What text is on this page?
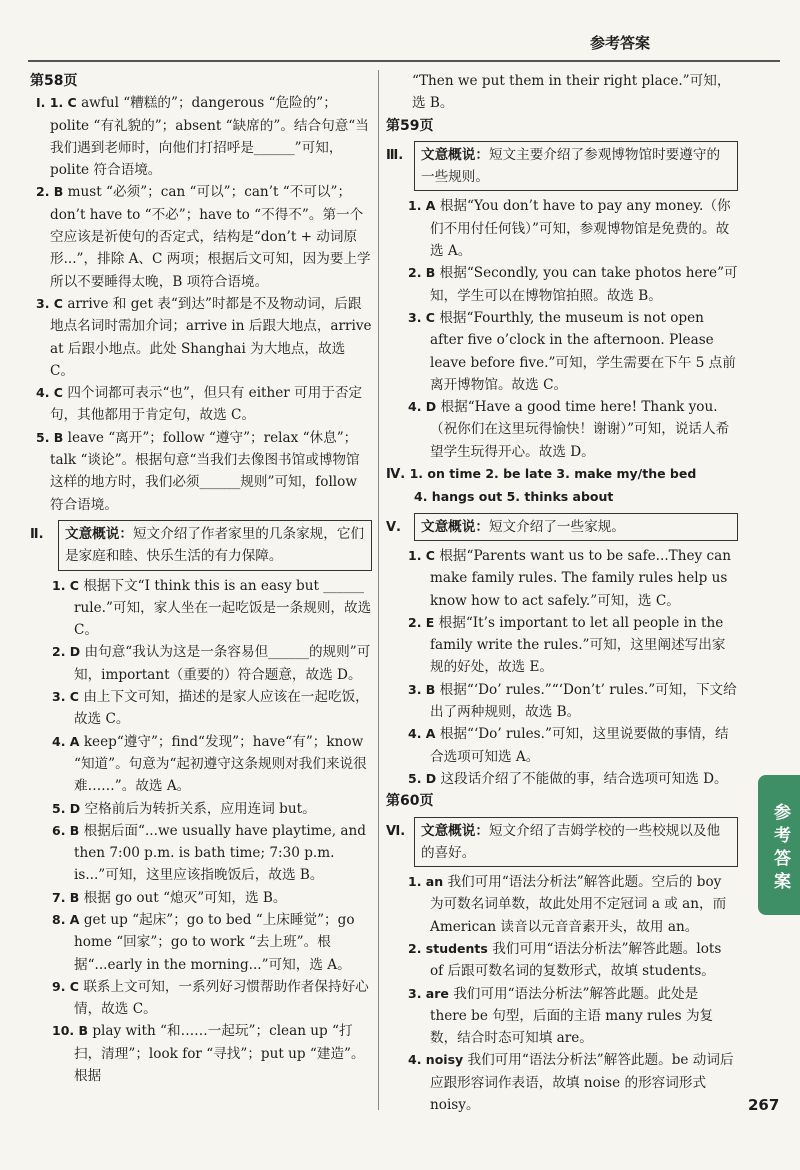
参考答案
第58页

Ⅰ. 1. C awful “糟糕的”；dangerous “危险的”；polite “有礼貌的”；absent “缺席的”。结合句意“当我们遇到老师时，向他们打招呼是______”可知，polite 符合语境。

2. B must “必须”；can “可以”；can’t “不可以”；don’t have to “不必”；have to “不得不”。第一个空应该是祈使句的否定式，结构是“don’t + 动词原形...”，排除 A、C 两项；根据后文可知，因为要上学所以不要睡得太晚，B 项符合语境。

3. C arrive 和 get 表“到达”时都是不及物动词，后跟地点名词时需加介词；arrive in 后跟大地点，arrive at 后跟小地点。此处 Shanghai 为大地点，故选 C。

4. C 四个词都可表示“也”，但只有 either 可用于否定句，其他都用于肯定句，故选 C。

5. B leave “离开”；follow “遵守”；relax “休息”；talk “谈论”。根据句意“当我们去像图书馆或博物馆这样的地方时，我们必须______规则”可知，follow 符合语境。

Ⅱ.	文意概说：短文介绍了作者家里的几条家规，它们是家庭和睦、快乐生活的有力保障。

1. C 根据下文“I think this is an easy but ______ rule.”可知，家人坐在一起吃饭是一条规则，故选 C。

2. D 由句意“我认为这是一条容易但______的规则”可知，important（重要的）符合题意，故选 D。

3. C 由上下文可知，描述的是家人应该在一起吃饭，故选 C。

4. A keep“遵守”；find“发现”；have“有”；know “知道”。句意为“起初遵守这条规则对我们来说很难……”。故选 A。

5. D 空格前后为转折关系，应用连词 but。

6. B 根据后面“...we usually have playtime, and then 7:00 p.m. is bath time; 7:30 p.m. is...”可知，这里应该指晚饭后，故选 B。

7. B 根据 go out “熄灭”可知，选 B。

8. A get up “起床”；go to bed “上床睡觉”；go home “回家”；go to work “去上班”。根据“...early in the morning...”可知，选 A。

9. C 联系上文可知，一系列好习惯帮助作者保持好心情，故选 C。

10. B play with “和……一起玩”；clean up “打扫，清理”；look for “寻找”；put up “建造”。根据

“Then we put them in their right place.”可知，选 B。

第59页
Ⅲ.	文意概说：短文主要介绍了参观博物馆时要遵守的一些规则。

1. A 根据“You don’t have to pay any money.（你们不用付任何钱）”可知，参观博物馆是免费的。故选 A。

2. B 根据“Secondly, you can take photos here”可知，学生可以在博物馆拍照。故选 B。

3. C 根据“Fourthly, the museum is not open after five o’clock in the afternoon. Please leave before five.”可知，学生需要在下午 5 点前离开博物馆。故选 C。

4. D 根据“Have a good time here! Thank you.（祝你们在这里玩得愉快！谢谢）”可知，说话人希望学生玩得开心。故选 D。

Ⅳ. 1. on time 2. be late 3. make my/the bed
4. hangs out 5. thinks about
Ⅴ.	文意概说：短文介绍了一些家规。

1. C 根据“Parents want us to be safe...They can make family rules. The family rules help us know how to act safely.”可知，选 C。

2. E 根据“It’s important to let all people in the family write the rules.”可知，这里阐述写出家规的好处，故选 E。

3. B 根据“‘Do’ rules.”“‘Don’t’ rules.”可知，下文给出了两种规则，故选 B。

4. A 根据“‘Do’ rules.”可知，这里说要做的事情，结合选项可知选 A。

5. D 这段话介绍了不能做的事，结合选项可知选 D。

第60页
Ⅵ.	文意概说：短文介绍了吉姆学校的一些校规以及他的喜好。

1. an 我们可用“语法分析法”解答此题。空后的 boy 为可数名词单数，故此处用不定冠词 a 或 an，而 American 读音以元音音素开头，故用 an。

2. students 我们可用“语法分析法”解答此题。lots of 后跟可数名词的复数形式，故填 students。

3. are 我们可用“语法分析法”解答此题。此处是 there be 句型，后面的主语 many rules 为复数，结合时态可知填 are。

4. noisy 我们可用“语法分析法”解答此题。be 动词后应跟形容词作表语，故填 noise 的形容词形式 noisy。

参考答案
267
